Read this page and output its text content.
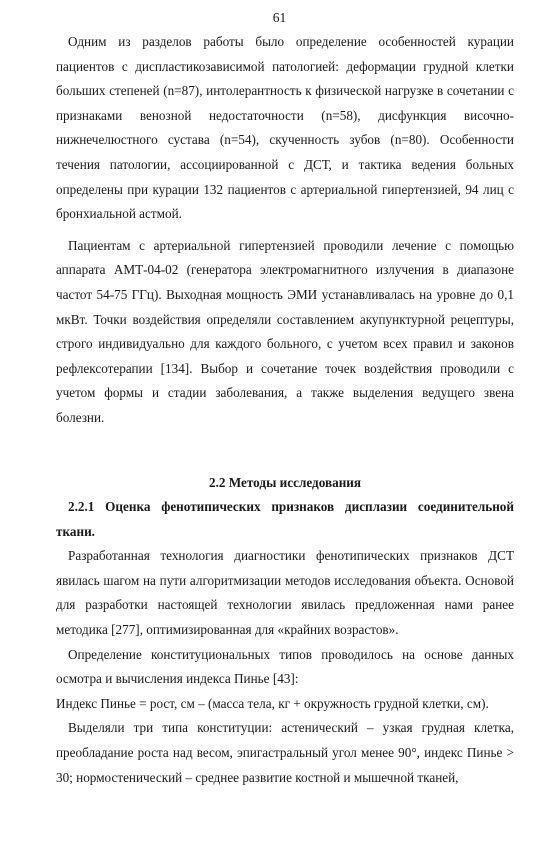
61

Одним из разделов работы было определение особенностей курации пациентов с диспластикозависимой патологией: деформации грудной клетки больших степеней (n=87), интолерантность к физической нагрузке в сочетании с признаками венозной недостаточности (n=58), дисфункция височно-нижнечелюстного сустава (n=54), скученность зубов (n=80). Особенности течения патологии, ассоциированной с ДСТ, и тактика ведения больных определены при курации 132 пациентов с артериальной гипертензией, 94 лиц с бронхиальной астмой.

Пациентам с артериальной гипертензией проводили лечение с помощью аппарата АМТ-04-02 (генератора электромагнитного излучения в диапазоне частот 54-75 ГГц). Выходная мощность ЭМИ устанавливалась на уровне до 0,1 мкВт. Точки воздействия определяли составлением акупунктурной рецептуры, строго индивидуально для каждого больного, с учетом всех правил и законов рефлексотерапии [134]. Выбор и сочетание точек воздействия проводили с учетом формы и стадии заболевания, а также выделения ведущего звена болезни.

2.2 Методы исследования
2.2.1 Оценка фенотипических признаков дисплазии соединительной ткани.

Разработанная технология диагностики фенотипических признаков ДСТ явилась шагом на пути алгоритмизации методов исследования объекта. Основой для разработки настоящей технологии явилась предложенная нами ранее методика [277], оптимизированная для «крайних возрастов».

Определение конституциональных типов проводилось на основе данных осмотра и вычисления индекса Пинье [43]:

Индекс Пинье = рост, см – (масса тела, кг + окружность грудной клетки, см).

Выделяли три типа конституции: астенический – узкая грудная клетка, преобладание роста над весом, эпигастральный угол менее 90°, индекс Пинье > 30; нормостенический – среднее развитие костной и мышечной тканей,
